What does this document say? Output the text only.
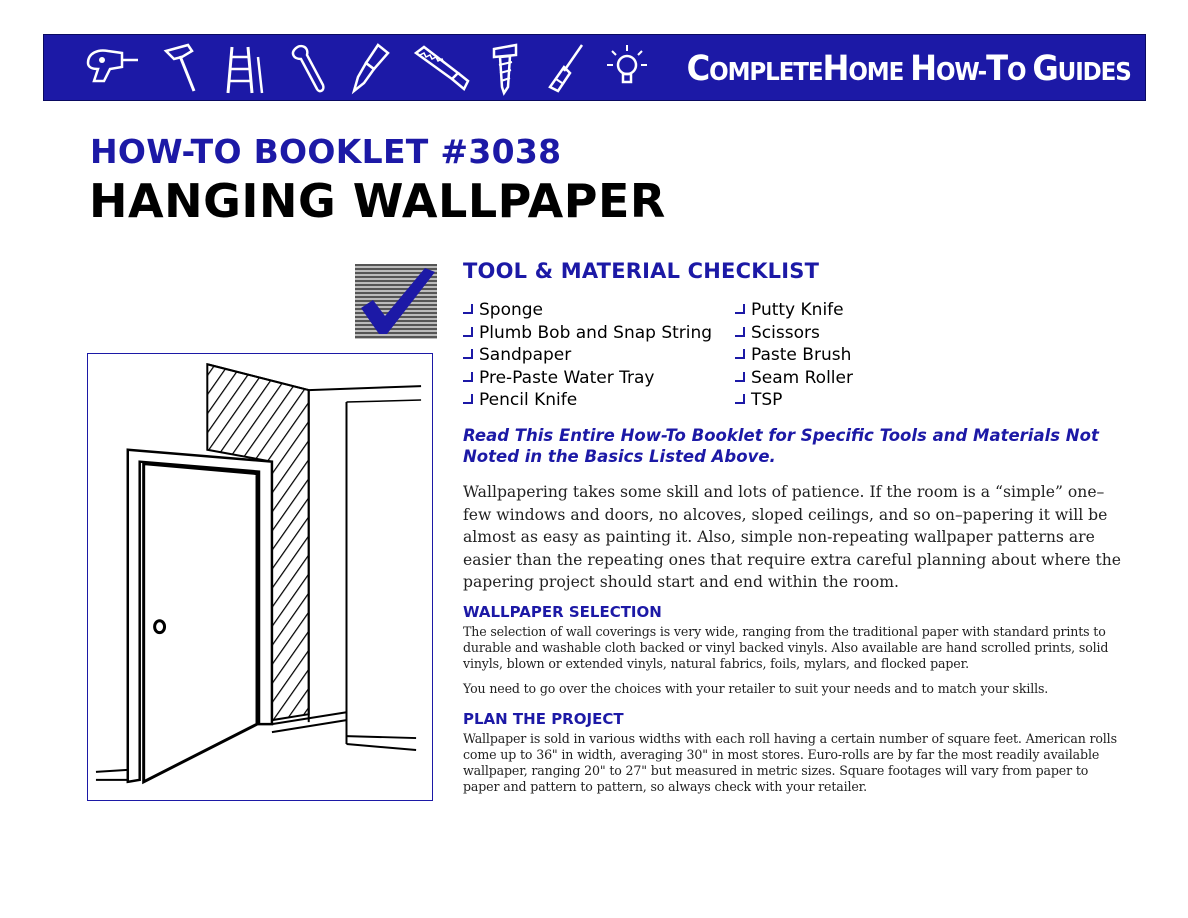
COMPLETEHOME HOW-TO GUIDES
HOW-TO BOOKLET #3038
HANGING WALLPAPER
TOOL & MATERIAL CHECKLIST
Sponge
Plumb Bob and Snap String
Sandpaper
Pre-Paste Water Tray
Pencil Knife
Putty Knife
Scissors
Paste Brush
Seam Roller
TSP
Read This Entire How-To Booklet for Specific Tools and Materials Not
Noted in the Basics Listed Above.
Wallpapering takes some skill and lots of patience. If the room is a “simple” one–few windows and doors, no alcoves, sloped ceilings, and so on–papering it will be almost as easy as painting it. Also, simple non-repeating wallpaper patterns are easier than the repeating ones that require extra careful planning about where the papering project should start and end within the room.
WALLPAPER SELECTION

The selection of wall coverings is very wide, ranging from the traditional paper with standard prints to durable and washable cloth backed or vinyl backed vinyls. Also available are hand scrolled prints, solid vinyls, blown or extended vinyls, natural fabrics, foils, mylars, and flocked paper.

You need to go over the choices with your retailer to suit your needs and to match your skills.

PLAN THE PROJECT

Wallpaper is sold in various widths with each roll having a certain number of square feet. American rolls come up to 36" in width, averaging 30" in most stores. Euro-rolls are by far the most readily available wallpaper, ranging 20" to 27" but measured in metric sizes. Square footages will vary from paper to paper and pattern to pattern, so always check with your retailer.
